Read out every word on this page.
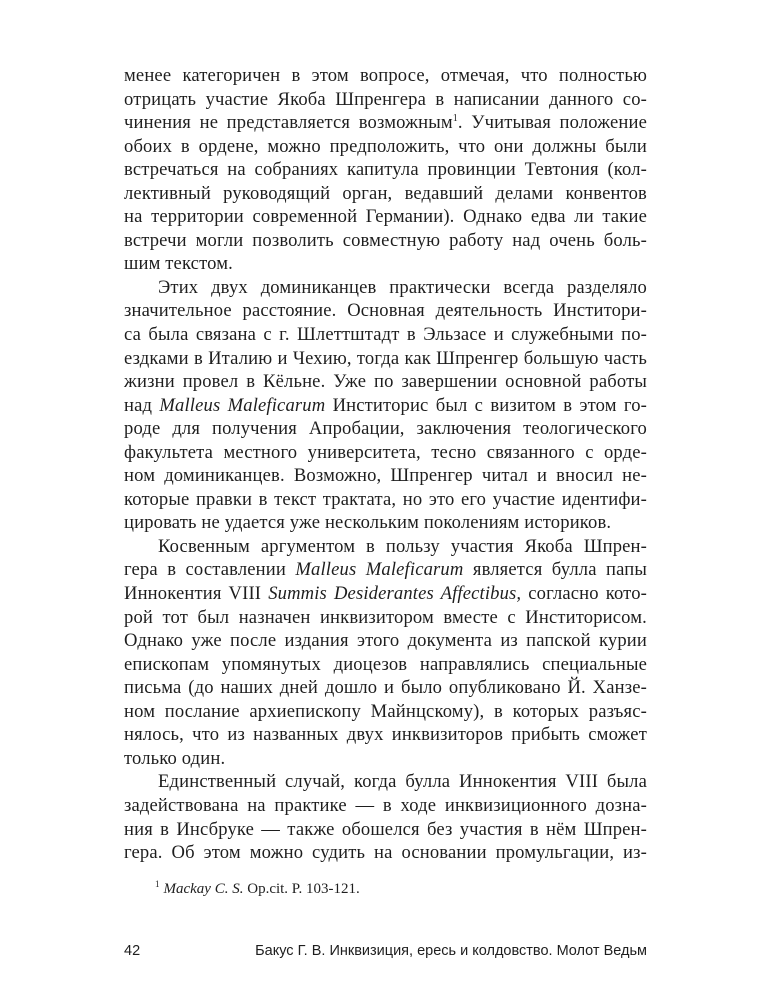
менее категоричен в этом вопросе, отмечая, что полностью
отрицать участие Якоба Шпренгера в написании данного со-
чинения не представляется возможным$^1$. Учитывая положение
обоих в ордене, можно предположить, что они должны были
встречаться на собраниях капитула провинции Тевтония (кол-
лективный руководящий орган, ведавший делами конвентов
на территории современной Германии). Однако едва ли такие
встречи могли позволить совместную работу над очень боль-
шим текстом.
Этих двух доминиканцев практически всегда разделяло
значительное расстояние. Основная деятельность Инститори-
са была связана с г. Шлеттштадт в Эльзасе и служебными по-
ездками в Италию и Чехию, тогда как Шпренгер большую часть
жизни провел в Кёльне. Уже по завершении основной работы
над Malleus Maleficarum Инститорис был с визитом в этом го-
роде для получения Апробации, заключения теологического
факультета местного университета, тесно связанного с орде-
ном доминиканцев. Возможно, Шпренгер читал и вносил не-
которые правки в текст трактата, но это его участие идентифи-
цировать не удается уже нескольким поколениям историков.
Косвенным аргументом в пользу участия Якоба Шпрен-
гера в составлении Malleus Maleficarum является булла папы
Иннокентия VIII Summis Desiderantes Affectibus, согласно кото-
рой тот был назначен инквизитором вместе с Инститорисом.
Однако уже после издания этого документа из папской курии
епископам упомянутых диоцезов направлялись специальные
письма (до наших дней дошло и было опубликовано Й. Ханзе-
ном послание архиепископу Майнцскому), в которых разъяс-
нялось, что из названных двух инквизиторов прибыть сможет
только один.
Единственный случай, когда булла Иннокентия VIII была
задействована на практике — в ходе инквизиционного дозна-
ния в Инсбруке — также обошелся без участия в нём Шпрен-
гера. Об этом можно судить на основании промульгации, из-
$^1$ Mackay C. S. Op.cit. P. 103-121.
42	Бакус Г. В. Инквизиция, ересь и колдовство. Молот Ведьм
